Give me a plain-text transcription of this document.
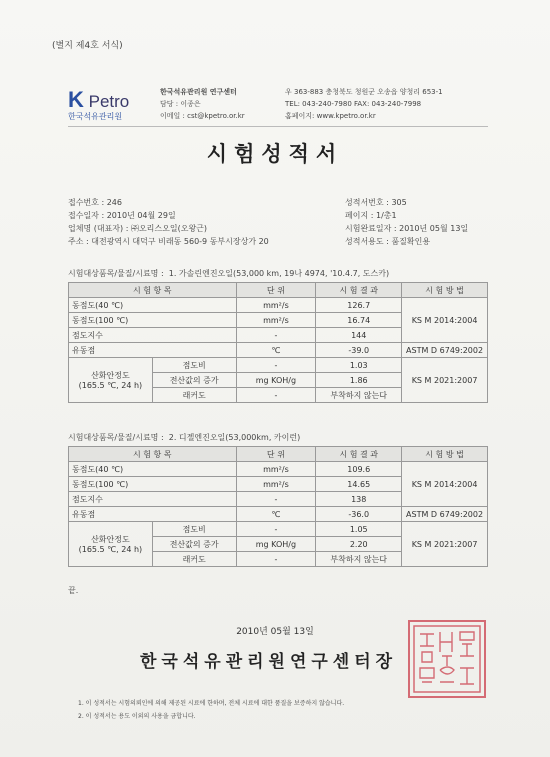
(별지 제4호 서식)
K Petro
한국석유관리원
한국석유관리원 연구센터
담당 : 이종은
이메일 : cst@kpetro.or.kr
우 363-883 충청북도 청원군 오송읍 양청리 653-1
TEL: 043-240-7980 FAX: 043-240-7998
홈페이지: www.kpetro.or.kr
시험성적서
접수번호 : 246
접수일자 : 2010년 04월 29일
업체명 (대표자) : ㈜오리스오일(오왕근)
주소 : 대전광역시 대덕구 비래동 560-9 동부시장상가 20
성적서번호 : 305
페이지 : 1/총1
시험완료일자 : 2010년 05월 13일
성적서용도 : 품질확인용
시험대상품목/물질/시료명 : 1. 가솔린엔진오일(53,000 km, 19나 4974, '10.4.7, 도스카)
시 험 항 목		단 위	시 험 결 과	시 험 방 법
동점도(40 ℃)		mm²/s	126.7	KS M 2014:2004
동점도(100 ℃)		mm²/s	16.74	
점도지수		-	144	
유동점		℃	-39.0	ASTM D 6749:2002
산화안정도
(165.5 ℃, 24 h)	점도비	-	1.03	KS M 2021:2007
	전산값의 증가	mg KOH/g	1.86	
	래커도	-	부착하지 않는다	
시험대상품목/물질/시료명 : 2. 디젤엔진오일(53,000km, 카이런)
시 험 항 목		단 위	시 험 결 과	시 험 방 법
동점도(40 ℃)		mm²/s	109.6	KS M 2014:2004
동점도(100 ℃)		mm²/s	14.65	
점도지수		-	138	
유동점		℃	-36.0	ASTM D 6749:2002
산화안정도
(165.5 ℃, 24 h)	점도비	-	1.05	KS M 2021:2007
	전산값의 증가	mg KOH/g	2.20	
	래커도	-	부착하지 않는다	
끝.
2010년 05월 13일
한국석유관리원연구센터장
1. 이 성적서는 시험의뢰인에 의해 제공된 시료에 한하며, 전체 시료에 대한 품질을 보증하지 않습니다.
2. 이 성적서는 용도 이외의 사용을 금합니다.
